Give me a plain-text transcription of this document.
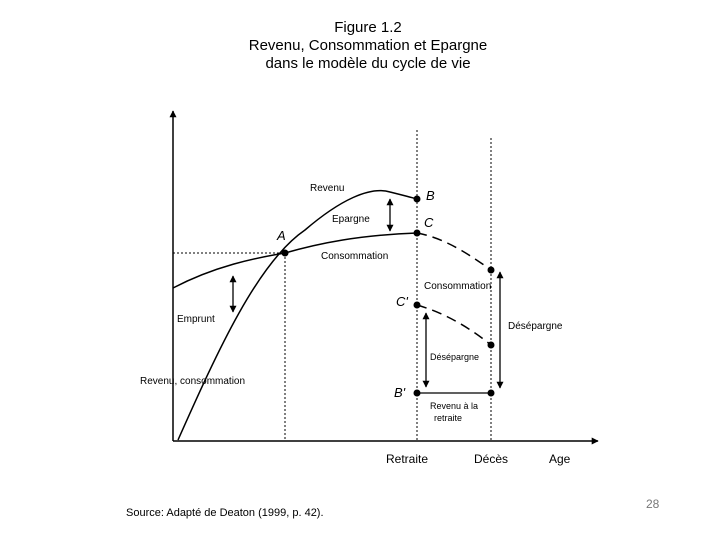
Figure 1.2
Revenu, Consommation et Epargne
dans le modèle du cycle de vie
A
B
C
C'
B'
Revenu
Epargne
Consommation
Consommation
Emprunt
Désépargne
Désépargne
Revenu à la
retraite
Revenu, consommation
Retraite	Décès	Age
Source: Adapté de Deaton (1999, p. 42).
28
